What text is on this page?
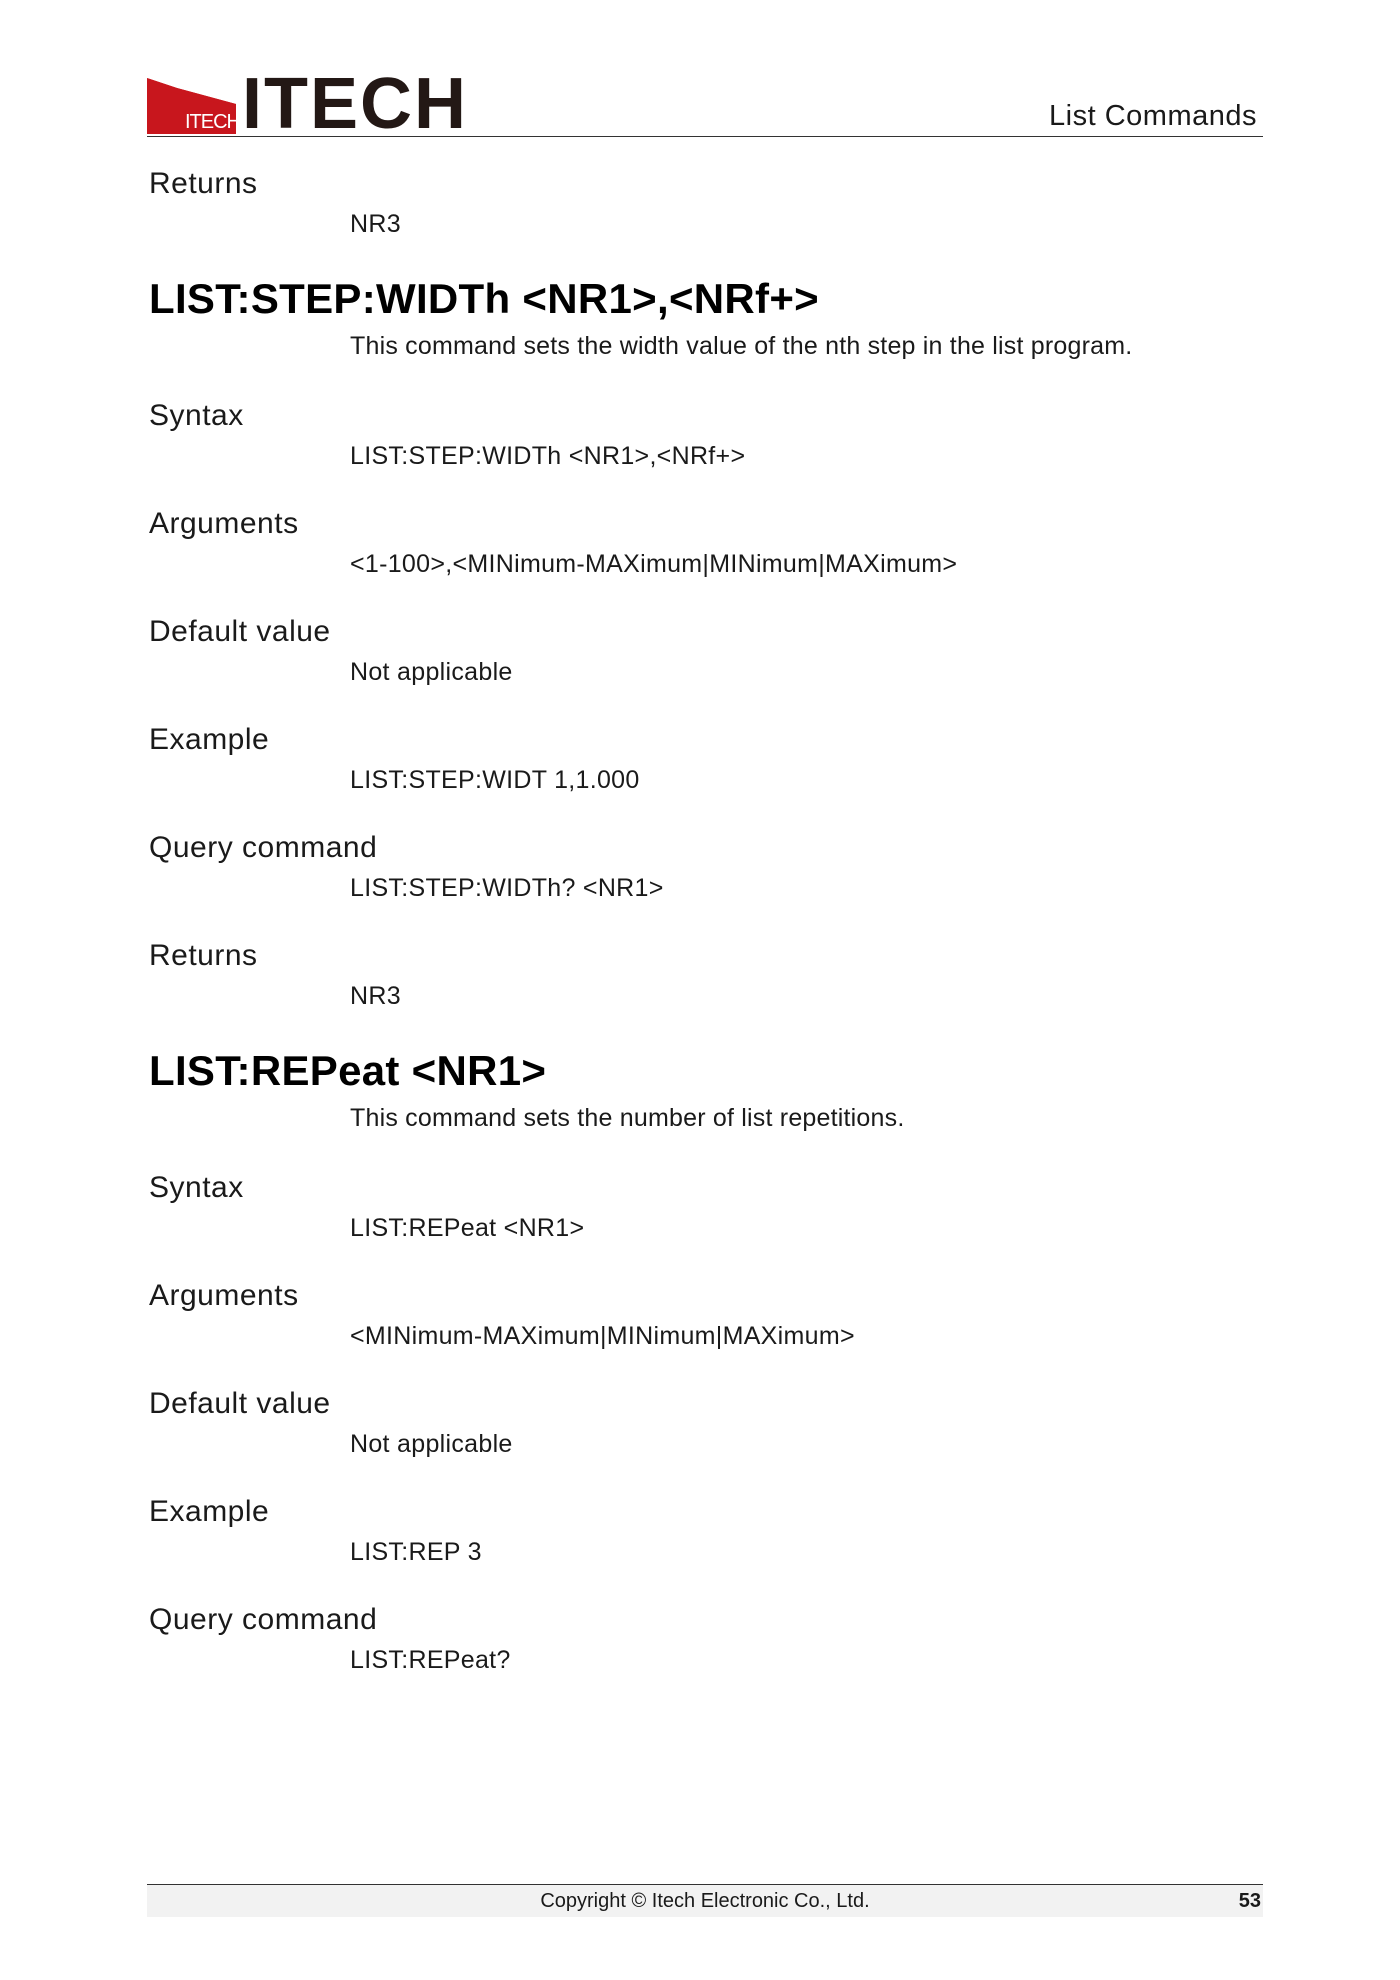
ITECH ITECH	List Commands

Returns

NR3

LIST:STEP:WIDTh <NR1>,<NRf+>

This command sets the width value of the nth step in the list program.

Syntax

LIST:STEP:WIDTh <NR1>,<NRf+>

Arguments

<1-100>,<MINimum-MAXimum|MINimum|MAXimum>

Default value

Not applicable

Example

LIST:STEP:WIDT 1,1.000

Query command

LIST:STEP:WIDTh? <NR1>

Returns

NR3

LIST:REPeat <NR1>

This command sets the number of list repetitions.

Syntax

LIST:REPeat <NR1>

Arguments

<MINimum-MAXimum|MINimum|MAXimum>

Default value

Not applicable

Example

LIST:REP 3

Query command

LIST:REPeat?

Copyright © Itech Electronic Co., Ltd.	53
